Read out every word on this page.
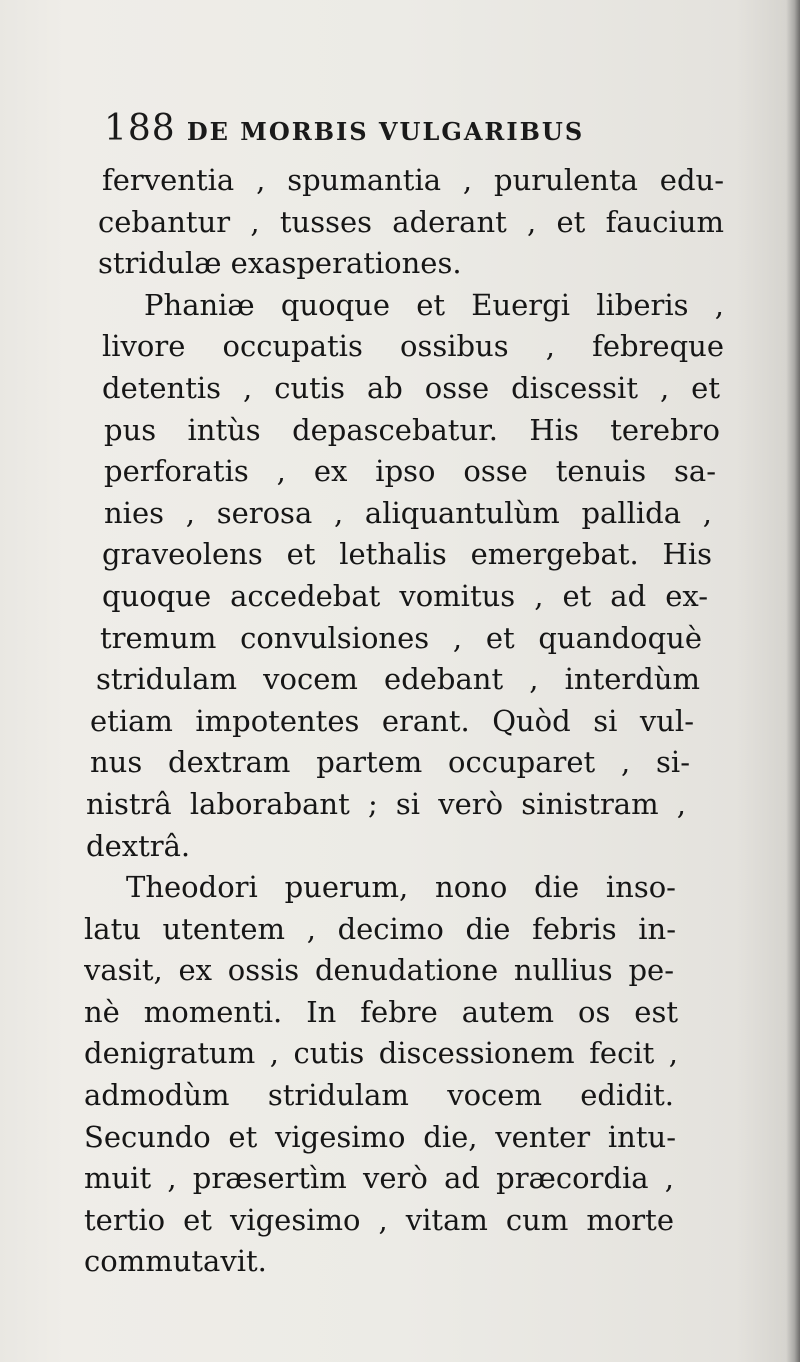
188 DE MORBIS VULGARIBUS
ferventia , spumantia , purulenta edu-
cebantur , tusses aderant , et faucium
stridulæ exasperationes.
Phaniæ quoque et Euergi liberis ,
livore occupatis ossibus , febreque
detentis , cutis ab osse discessit , et
pus intùs depascebatur. His terebro
perforatis , ex ipso osse tenuis sa-
nies , serosa , aliquantulùm pallida ,
graveolens et lethalis emergebat. His
quoque accedebat vomitus , et ad ex-
tremum convulsiones , et quandoquè
stridulam vocem edebant , interdùm
etiam impotentes erant. Quòd si vul-
nus dextram partem occuparet , si-
nistrâ laborabant ; si verò sinistram ,
dextrâ.
Theodori puerum, nono die inso-
latu utentem , decimo die febris in-
vasit, ex ossis denudatione nullius pe-
nè momenti. In febre autem os est
denigratum , cutis discessionem fecit ,
admodùm stridulam vocem edidit.
Secundo et vigesimo die, venter intu-
muit , præsertìm verò ad præcordia ,
tertio et vigesimo , vitam cum morte
commutavit.
